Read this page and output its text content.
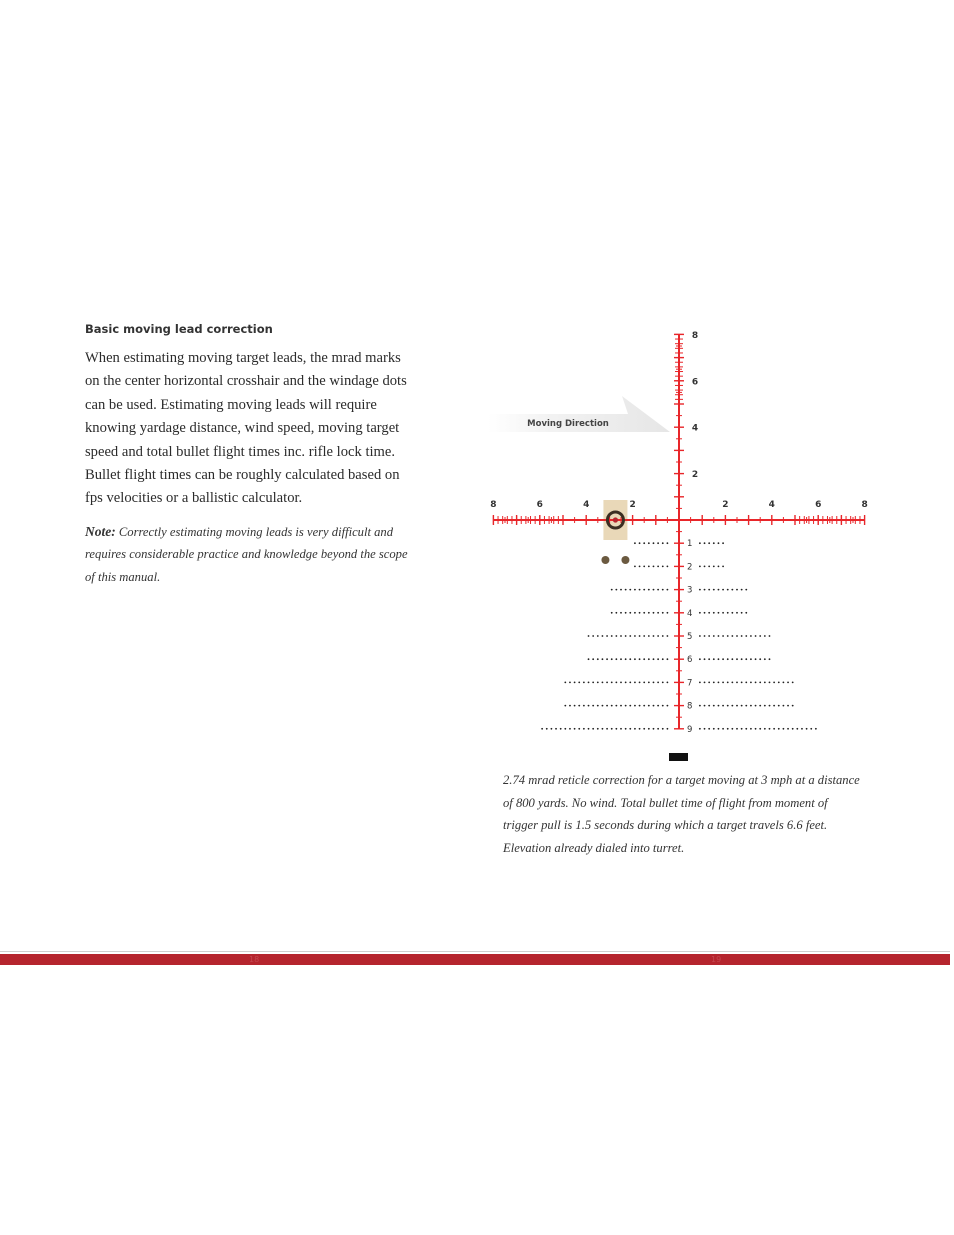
Basic moving lead correction
When estimating moving target leads, the mrad marks on the center horizontal crosshair and the windage dots can be used. Estimating moving leads will require knowing yardage distance, wind speed, moving target speed and total bullet flight times inc. rifle lock time. Bullet flight times can be roughly calculated based on fps velocities or a ballistic calculator.
Note: Correctly estimating moving leads is very difficult and requires considerable practice and knowledge beyond the scope of this manual.
Moving Direction
8	6	4	2	2	4	6	8
8
6
4
2
1
2
3
4
5
6
7
8
9
2.74 mrad reticle correction for a target moving at 3 mph at a distance of 800 yards. No wind. Total bullet time of flight from moment of trigger pull is 1.5 seconds during which a target travels 6.6 feet. Elevation already dialed into turret.
18	19
